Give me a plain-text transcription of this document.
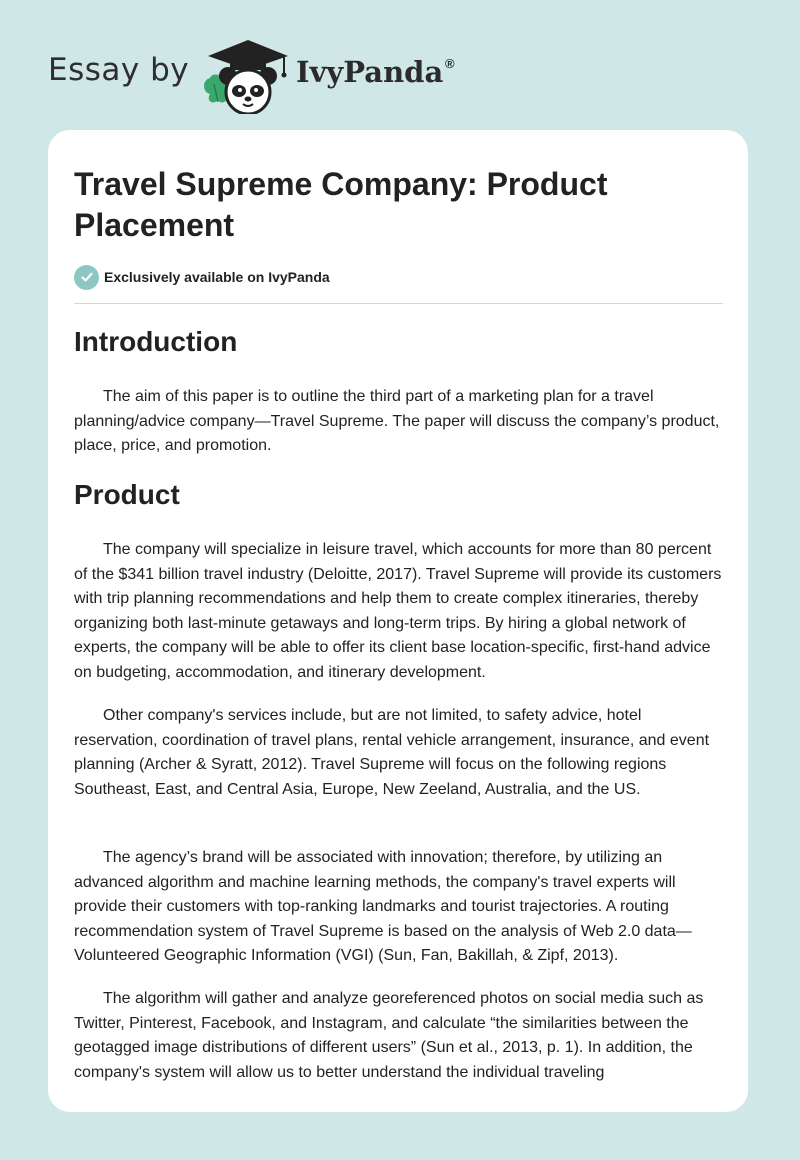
Essay by	IvyPanda ®
Travel Supreme Company: Product Placement
Exclusively available on IvyPanda
Introduction

The aim of this paper is to outline the third part of a marketing plan for a travel planning/advice company—Travel Supreme. The paper will discuss the company’s product, place, price, and promotion.

Product

The company will specialize in leisure travel, which accounts for more than 80 percent of the $341 billion travel industry (Deloitte, 2017). Travel Supreme will provide its customers with trip planning recommendations and help them to create complex itineraries, thereby organizing both last-minute getaways and long-term trips. By hiring a global network of experts, the company will be able to offer its client base location-specific, first-hand advice on budgeting, accommodation, and itinerary development.

Other company's services include, but are not limited, to safety advice, hotel reservation, coordination of travel plans, rental vehicle arrangement, insurance, and event planning (Archer & Syratt, 2012). Travel Supreme will focus on the following regions Southeast, East, and Central Asia, Europe, New Zeeland, Australia, and the US.

The agency’s brand will be associated with innovation; therefore, by utilizing an advanced algorithm and machine learning methods, the company's travel experts will provide their customers with top-ranking landmarks and tourist trajectories. A routing recommendation system of Travel Supreme is based on the analysis of Web 2.0 data—Volunteered Geographic Information (VGI) (Sun, Fan, Bakillah, & Zipf, 2013).

The algorithm will gather and analyze georeferenced photos on social media such as Twitter, Pinterest, Facebook, and Instagram, and calculate “the similarities between the geotagged image distributions of different users” (Sun et al., 2013, p. 1). In addition, the company's system will allow us to better understand the individual traveling
